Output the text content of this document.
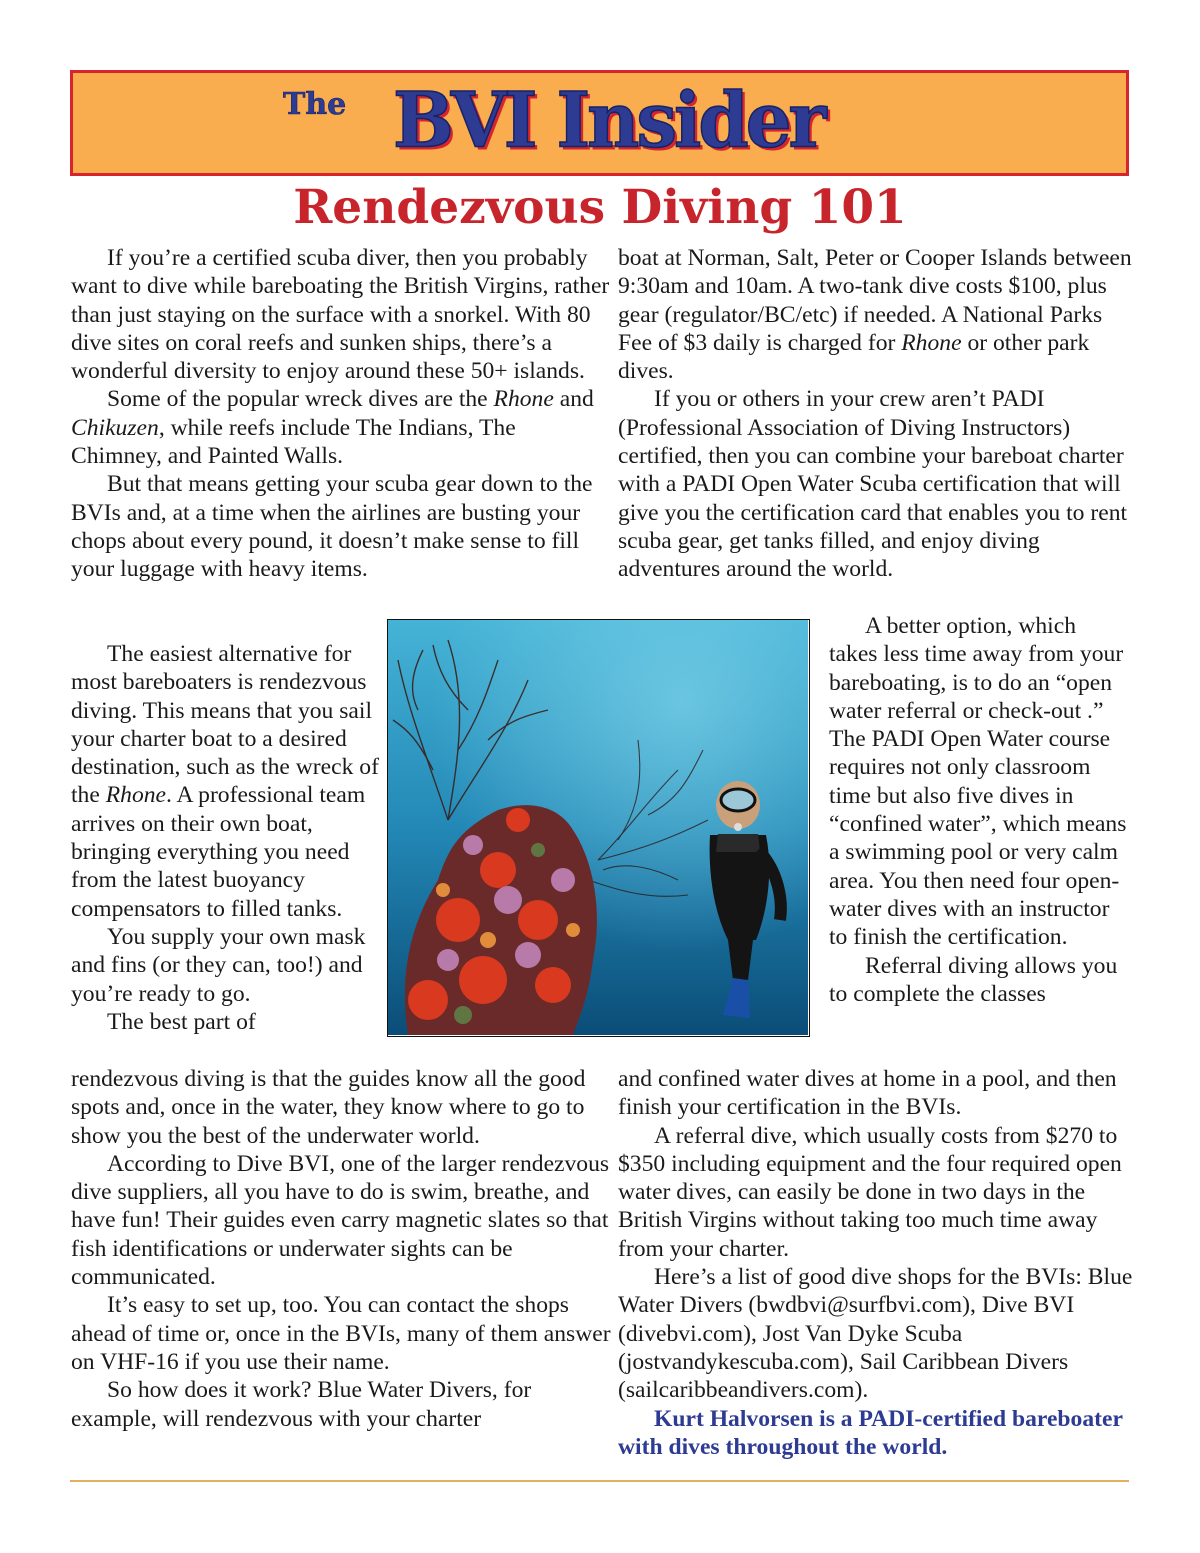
The BVI Insider
Rendezvous Diving 101

If you’re a certified scuba diver, then you probably want to dive while bareboating the British Virgins, rather than just staying on the surface with a snorkel. With 80 dive sites on coral reefs and sunken ships, there’s a wonderful diversity to enjoy around these 50+ islands.

Some of the popular wreck dives are the Rhone and Chikuzen, while reefs include The Indians, The Chimney, and Painted Walls.

But that means getting your scuba gear down to the BVIs and, at a time when the airlines are busting your chops about every pound, it doesn’t make sense to fill your luggage with heavy items.

The easiest alternative for most bareboaters is rendezvous diving. This means that you sail your charter boat to a desired destination, such as the wreck of the Rhone. A professional team arrives on their own boat, bringing everything you need from the latest buoyancy compensators to filled tanks.

You supply your own mask and fins (or they can, too!) and you’re ready to go.

The best part of

rendezvous diving is that the guides know all the good spots and, once in the water, they know where to go to show you the best of the underwater world.

According to Dive BVI, one of the larger rendezvous dive suppliers, all you have to do is swim, breathe, and have fun! Their guides even carry magnetic slates so that fish identifications or underwater sights can be communicated.

It’s easy to set up, too. You can contact the shops ahead of time or, once in the BVIs, many of them answer on VHF-16 if you use their name.

So how does it work? Blue Water Divers, for example, will rendezvous with your charter

boat at Norman, Salt, Peter or Cooper Islands between 9:30am and 10am. A two-tank dive costs $100, plus gear (regulator/BC/etc) if needed. A National Parks Fee of $3 daily is charged for Rhone or other park dives.

If you or others in your crew aren’t PADI (Professional Association of Diving Instructors) certified, then you can combine your bareboat charter with a PADI Open Water Scuba certification that will give you the certification card that enables you to rent scuba gear, get tanks filled, and enjoy diving adventures around the world.

A better option, which takes less time away from your bareboating, is to do an “open water referral or check-out .” The PADI Open Water course requires not only classroom time but also five dives in “confined water”, which means a swimming pool or very calm area. You then need four open-water dives with an instructor to finish the certification.

Referral diving allows you to complete the classes

and confined water dives at home in a pool, and then finish your certification in the BVIs.

A referral dive, which usually costs from $270 to $350 including equipment and the four required open water dives, can easily be done in two days in the British Virgins without taking too much time away from your charter.

Here’s a list of good dive shops for the BVIs: Blue Water Divers (bwdbvi@surfbvi.com), Dive BVI (divebvi.com), Jost Van Dyke Scuba (jostvandykescuba.com), Sail Caribbean Divers (sailcaribbeandivers.com).

Kurt Halvorsen is a PADI-certified bareboater with dives throughout the world.
